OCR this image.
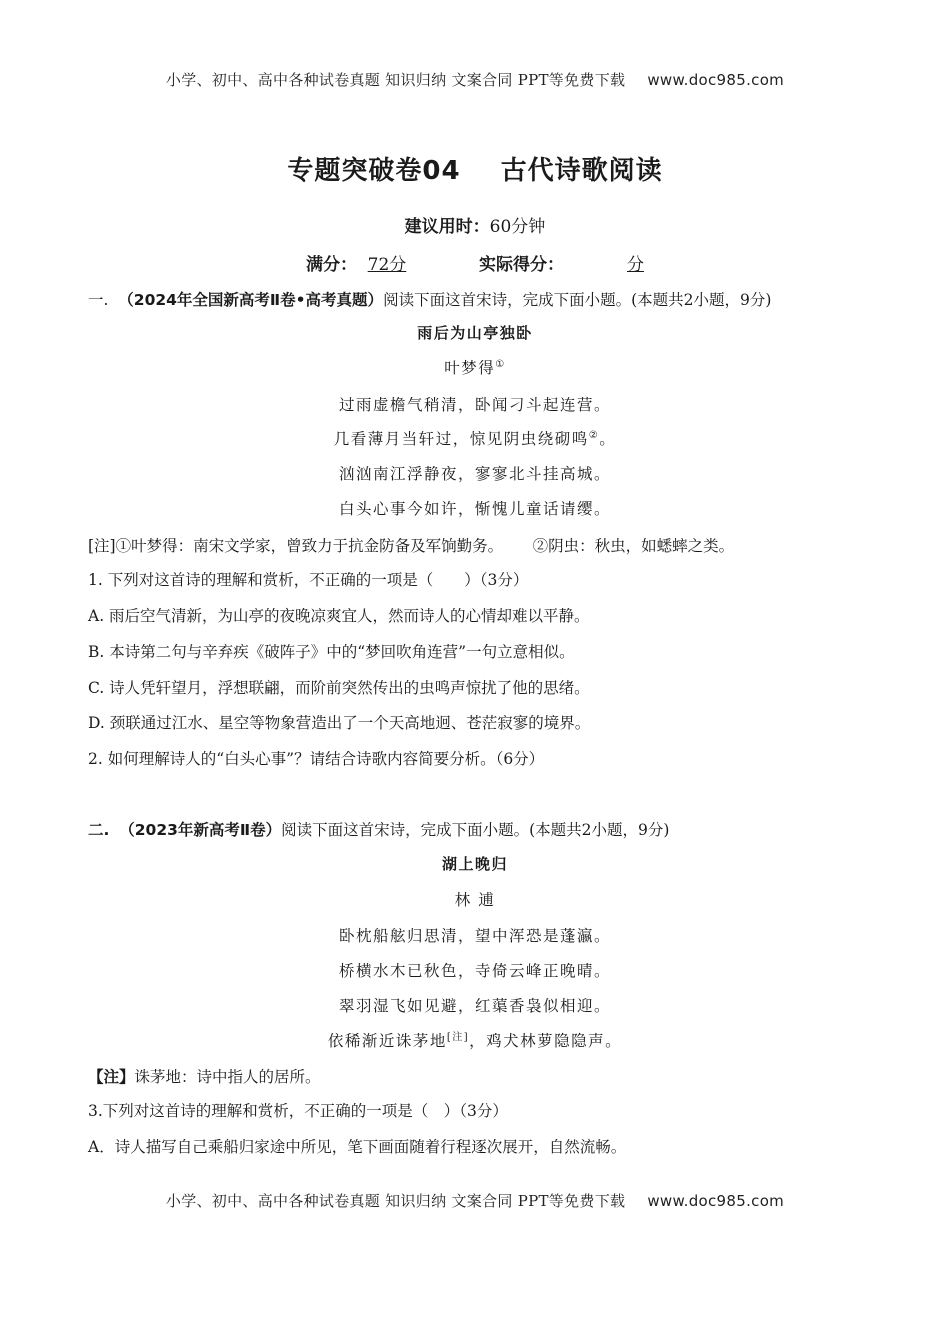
小学、初中、高中各种试卷真题 知识归纳 文案合同 PPT等免费下载 www.doc985.com
专题突破卷04 古代诗歌阅读
建议用时：60分钟
满分： 72分	实际得分：	分
一. （2024年全国新高考Ⅱ卷•高考真题）阅读下面这首宋诗，完成下面小题。(本题共2小题，9分)
雨后为山亭独卧
叶梦得①
过雨虚檐气稍清，卧闻刁斗起连营。
几看薄月当轩过，惊见阴虫绕砌鸣②。
汹汹南江浮静夜，寥寥北斗挂高城。
白头心事今如许，惭愧儿童话请缨。
[注]①叶梦得：南宋文学家，曾致力于抗金防备及军饷勤务。 ②阴虫：秋虫，如蟋蟀之类。
1. 下列对这首诗的理解和赏析，不正确的一项是（　　）（3分）
A. 雨后空气清新，为山亭的夜晚凉爽宜人，然而诗人的心情却难以平静。
B. 本诗第二句与辛弃疾《破阵子》中的“梦回吹角连营”一句立意相似。
C. 诗人凭轩望月，浮想联翩，而阶前突然传出的虫鸣声惊扰了他的思绪。
D. 颈联通过江水、星空等物象营造出了一个天高地迥、苍茫寂寥的境界。
2. 如何理解诗人的“白头心事”？请结合诗歌内容简要分析。（6分）
二. （2023年新高考Ⅱ卷）阅读下面这首宋诗，完成下面小题。(本题共2小题，9分)
湖上晚归
林 逋
卧枕船舷归思清，望中浑恐是蓬瀛。
桥横水木已秋色，寺倚云峰正晚晴。
翠羽湿飞如见避，红蕖香袅似相迎。
依稀渐近诛茅地[注]，鸡犬林萝隐隐声。
【注】诛茅地：诗中指人的居所。
3.下列对这首诗的理解和赏析，不正确的一项是（　）（3分）
A．诗人描写自己乘船归家途中所见，笔下画面随着行程逐次展开，自然流畅。
小学、初中、高中各种试卷真题 知识归纳 文案合同 PPT等免费下载 www.doc985.com
